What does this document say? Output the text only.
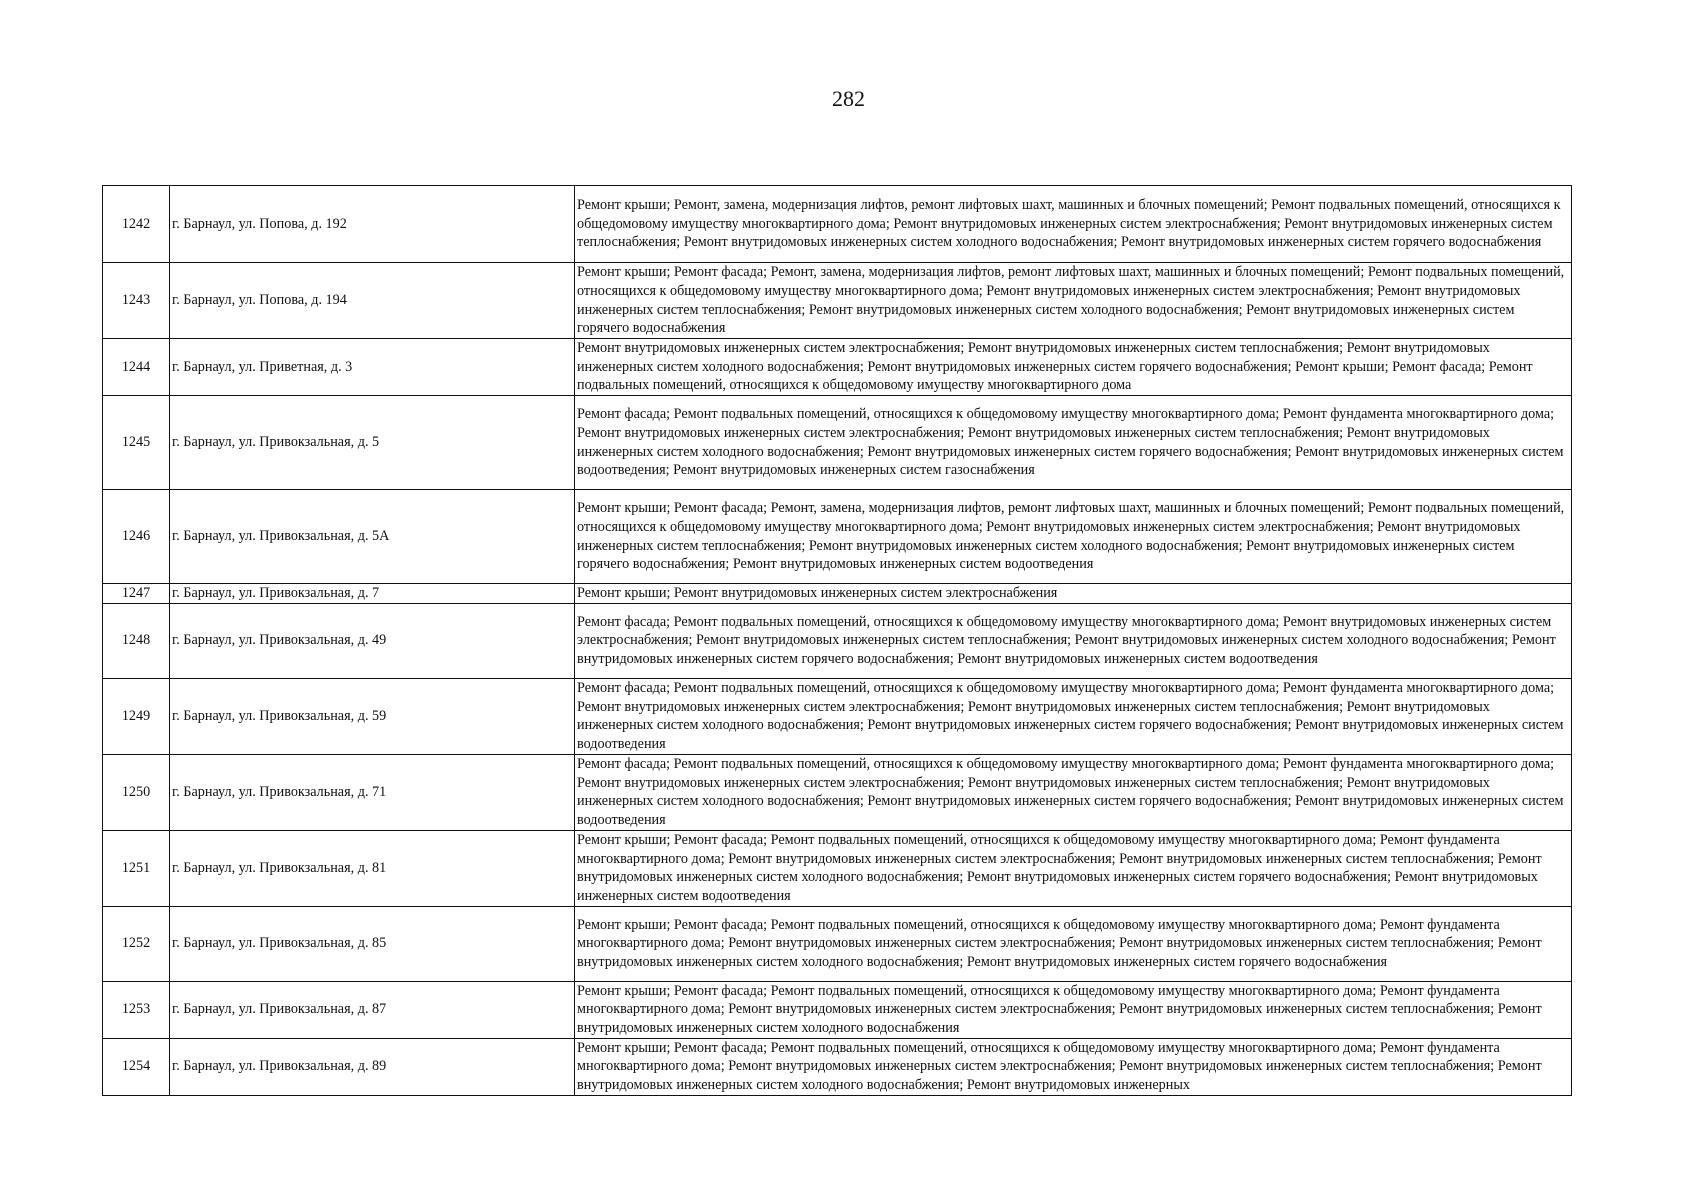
282
1242	г. Барнаул, ул. Попова, д. 192	Ремонт крыши; Ремонт, замена, модернизация лифтов, ремонт лифтовых шахт, машинных и блочных помещений; Ремонт подвальных помещений, относящихся к общедомовому имуществу многоквартирного дома; Ремонт внутридомовых инженерных систем электроснабжения; Ремонт внутридомовых инженерных систем теплоснабжения; Ремонт внутридомовых инженерных систем холодного водоснабжения; Ремонт внутридомовых инженерных систем горячего водоснабжения
1243	г. Барнаул, ул. Попова, д. 194	Ремонт крыши; Ремонт фасада; Ремонт, замена, модернизация лифтов, ремонт лифтовых шахт, машинных и блочных помещений; Ремонт подвальных помещений, относящихся к общедомовому имуществу многоквартирного дома; Ремонт внутридомовых инженерных систем электроснабжения; Ремонт внутридомовых инженерных систем теплоснабжения; Ремонт внутридомовых инженерных систем холодного водоснабжения; Ремонт внутридомовых инженерных систем горячего водоснабжения
1244	г. Барнаул, ул. Приветная, д. 3	Ремонт внутридомовых инженерных систем электроснабжения; Ремонт внутридомовых инженерных систем теплоснабжения; Ремонт внутридомовых инженерных систем холодного водоснабжения; Ремонт внутридомовых инженерных систем горячего водоснабжения; Ремонт крыши; Ремонт фасада; Ремонт подвальных помещений, относящихся к общедомовому имуществу многоквартирного дома
1245	г. Барнаул, ул. Привокзальная, д. 5	Ремонт фасада; Ремонт подвальных помещений, относящихся к общедомовому имуществу многоквартирного дома; Ремонт фундамента многоквартирного дома; Ремонт внутридомовых инженерных систем электроснабжения; Ремонт внутридомовых инженерных систем теплоснабжения; Ремонт внутридомовых инженерных систем холодного водоснабжения; Ремонт внутридомовых инженерных систем горячего водоснабжения; Ремонт внутридомовых инженерных систем водоотведения; Ремонт внутридомовых инженерных систем газоснабжения
1246	г. Барнаул, ул. Привокзальная, д. 5А	Ремонт крыши; Ремонт фасада; Ремонт, замена, модернизация лифтов, ремонт лифтовых шахт, машинных и блочных помещений; Ремонт подвальных помещений, относящихся к общедомовому имуществу многоквартирного дома; Ремонт внутридомовых инженерных систем электроснабжения; Ремонт внутридомовых инженерных систем теплоснабжения; Ремонт внутридомовых инженерных систем холодного водоснабжения; Ремонт внутридомовых инженерных систем горячего водоснабжения; Ремонт внутридомовых инженерных систем водоотведения
1247	г. Барнаул, ул. Привокзальная, д. 7	Ремонт крыши; Ремонт внутридомовых инженерных систем электроснабжения
1248	г. Барнаул, ул. Привокзальная, д. 49	Ремонт фасада; Ремонт подвальных помещений, относящихся к общедомовому имуществу многоквартирного дома; Ремонт внутридомовых инженерных систем электроснабжения; Ремонт внутридомовых инженерных систем теплоснабжения; Ремонт внутридомовых инженерных систем холодного водоснабжения; Ремонт внутридомовых инженерных систем горячего водоснабжения; Ремонт внутридомовых инженерных систем водоотведения
1249	г. Барнаул, ул. Привокзальная, д. 59	Ремонт фасада; Ремонт подвальных помещений, относящихся к общедомовому имуществу многоквартирного дома; Ремонт фундамента многоквартирного дома; Ремонт внутридомовых инженерных систем электроснабжения; Ремонт внутридомовых инженерных систем теплоснабжения; Ремонт внутридомовых инженерных систем холодного водоснабжения; Ремонт внутридомовых инженерных систем горячего водоснабжения; Ремонт внутридомовых инженерных систем водоотведения
1250	г. Барнаул, ул. Привокзальная, д. 71	Ремонт фасада; Ремонт подвальных помещений, относящихся к общедомовому имуществу многоквартирного дома; Ремонт фундамента многоквартирного дома; Ремонт внутридомовых инженерных систем электроснабжения; Ремонт внутридомовых инженерных систем теплоснабжения; Ремонт внутридомовых инженерных систем холодного водоснабжения; Ремонт внутридомовых инженерных систем горячего водоснабжения; Ремонт внутридомовых инженерных систем водоотведения
1251	г. Барнаул, ул. Привокзальная, д. 81	Ремонт крыши; Ремонт фасада; Ремонт подвальных помещений, относящихся к общедомовому имуществу многоквартирного дома; Ремонт фундамента многоквартирного дома; Ремонт внутридомовых инженерных систем электроснабжения; Ремонт внутридомовых инженерных систем теплоснабжения; Ремонт внутридомовых инженерных систем холодного водоснабжения; Ремонт внутридомовых инженерных систем горячего водоснабжения; Ремонт внутридомовых инженерных систем водоотведения
1252	г. Барнаул, ул. Привокзальная, д. 85	Ремонт крыши; Ремонт фасада; Ремонт подвальных помещений, относящихся к общедомовому имуществу многоквартирного дома; Ремонт фундамента многоквартирного дома; Ремонт внутридомовых инженерных систем электроснабжения; Ремонт внутридомовых инженерных систем теплоснабжения; Ремонт внутридомовых инженерных систем холодного водоснабжения; Ремонт внутридомовых инженерных систем горячего водоснабжения
1253	г. Барнаул, ул. Привокзальная, д. 87	Ремонт крыши; Ремонт фасада; Ремонт подвальных помещений, относящихся к общедомовому имуществу многоквартирного дома; Ремонт фундамента многоквартирного дома; Ремонт внутридомовых инженерных систем электроснабжения; Ремонт внутридомовых инженерных систем теплоснабжения; Ремонт внутридомовых инженерных систем холодного водоснабжения
1254	г. Барнаул, ул. Привокзальная, д. 89	Ремонт крыши; Ремонт фасада; Ремонт подвальных помещений, относящихся к общедомовому имуществу многоквартирного дома; Ремонт фундамента многоквартирного дома; Ремонт внутридомовых инженерных систем электроснабжения; Ремонт внутридомовых инженерных систем теплоснабжения; Ремонт внутридомовых инженерных систем холодного водоснабжения; Ремонт внутридомовых инженерных
